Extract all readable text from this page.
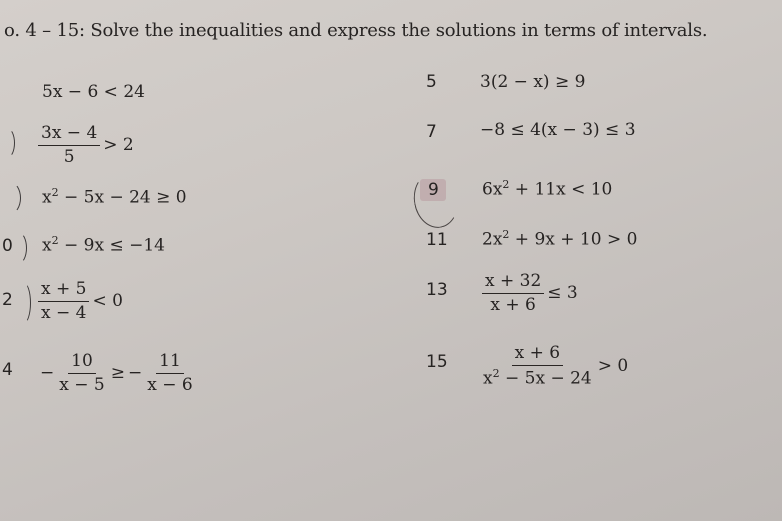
o. 4 – 15: Solve the inequalities and express the solutions in terms of intervals.
5x − 6 < 24
$\frac{3x - 4}{5} > 2$
$x^2 - 5x - 24 \ge 0$
0 $x^2 - 9x \le -14$
$2 \frac{x + 5}{x - 4} < 0$
$4 - \frac{10}{x - 5}$ ≥ − $\frac{11}{x - 6}$
5	3(2 − x) ≥ 9
7	−8 ≤ 4(x − 3) ≤ 3
9	$6x^2 + 11x < 10$
11 $2x^2 + 9x + 10 > 0$
$13 \frac{x + 32}{x + 6} \le 3$
$15 \frac{x + 6}{x^2 - 5x - 24} > 0$
